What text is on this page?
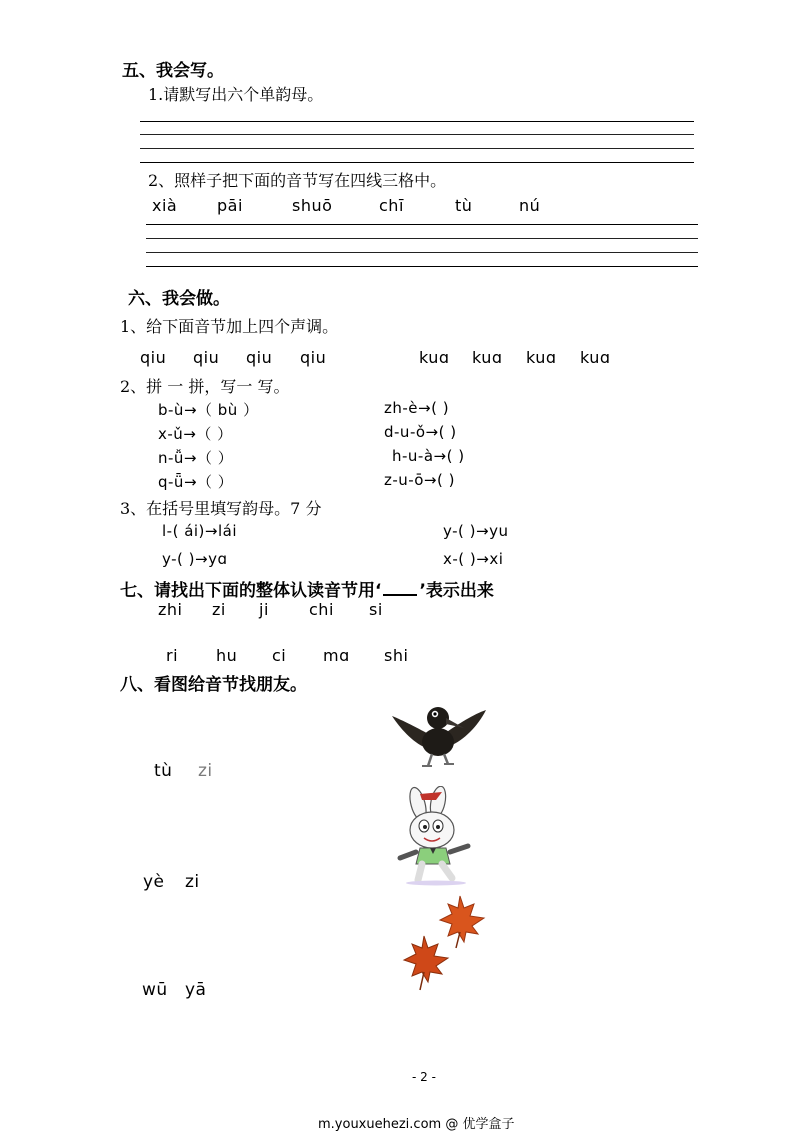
五、我会写。
1.请默写出六个单韵母。
2、照样子把下面的音节写在四线三格中。
xià pāi	shuō	chī	tù	nú
六、我会做。
1、给下面音节加上四个声调。
qiu qiu qiu qiu	kuɑ kuɑ kuɑ kuɑ
2、拼 一 拼，写一 写。
b-ù→（ bù ）
x-ǔ→（ ）
n-ǚ→（ ）
q-ǖ→（ ）
zh-è→( )
d-u-ǒ→( )
h-u-à→( )
z-u-ō→( )
3、在括号里填写韵母。7 分
l-( ái)→lái
y-( )→yɑ
y-( )→yu
x-( )→xi
七、请找出下面的整体认读音节用‘ ’表示出来
zhi zi ji	chi si
ri hu ci mɑ shi
八、看图给音节找朋友。
tù zi
yè zi
wū yā
- 2 -
m.youxuehezi.com @ 优学盒子
